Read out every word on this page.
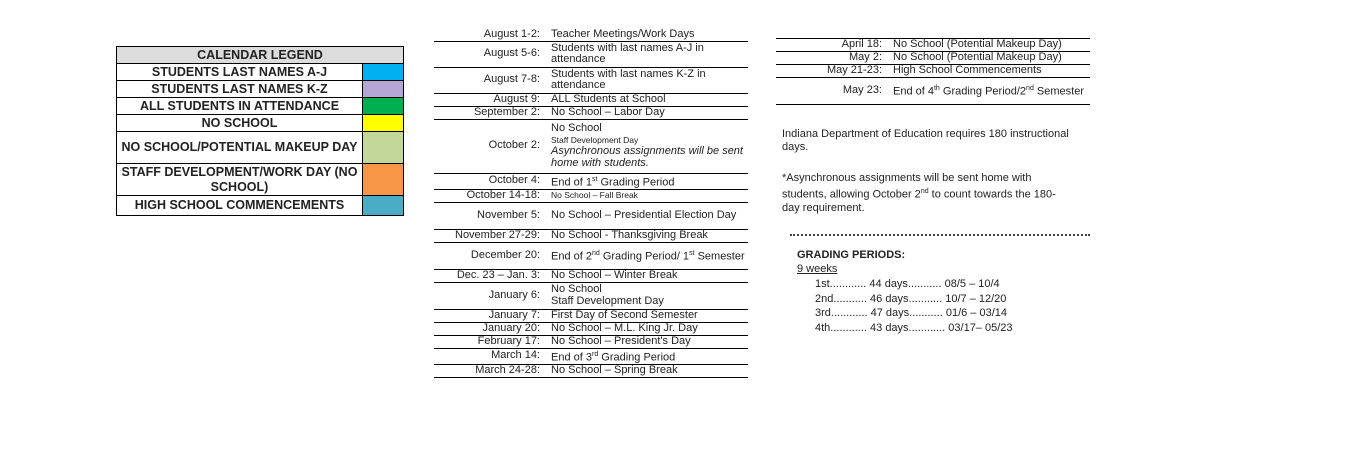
CALENDAR LEGEND	
STUDENTS LAST NAMES A-J	
STUDENTS LAST NAMES K-Z	
ALL STUDENTS IN ATTENDANCE	
NO SCHOOL	
NO SCHOOL/POTENTIAL MAKEUP DAY	
STAFF DEVELOPMENT/WORK DAY (NO SCHOOL)	
HIGH SCHOOL COMMENCEMENTS	
August 1-2:	Teacher Meetings/Work Days
August 5-6:	Students with last names A-J in attendance
August 7-8:	Students with last names K-Z in attendance
August 9:	ALL Students at School
September 2:	No School – Labor Day
October 2:	No School
Staff Development Day
Asynchronous assignments will be sent home with students.

October 4:	End of 1st Grading Period
October 14-18:	No School – Fall Break
November 5:	No School – Presidential Election Day
November 27-29:	No School - Thanksgiving Break
December 20:	End of 2nd Grading Period/ 1st Semester
Dec. 23 – Jan. 3:	No School – Winter Break
January 6:	No School
Staff Development Day

January 7:	First Day of Second Semester
January 20:	No School – M.L. King Jr. Day
February 17:	No School – President's Day
March 14:	End of 3rd Grading Period
March 24-28:	No School – Spring Break
April 18:	No School (Potential Makeup Day)
May 2:	No School (Potential Makeup Day)
May 21-23:	High School Commencements
May 23:	End of 4th Grading Period/2nd Semester
Indiana Department of Education requires 180 instructional days.
*Asynchronous assignments will be sent home with students, allowing October 2nd to count towards the 180-day requirement.
GRADING PERIODS:
9 weeks
1st............ 44 days........... 08/5 – 10/4
2nd........... 46 days........... 10/7 – 12/20
3rd............ 47 days........... 01/6 – 03/14
4th............ 43 days............ 03/17– 05/23
